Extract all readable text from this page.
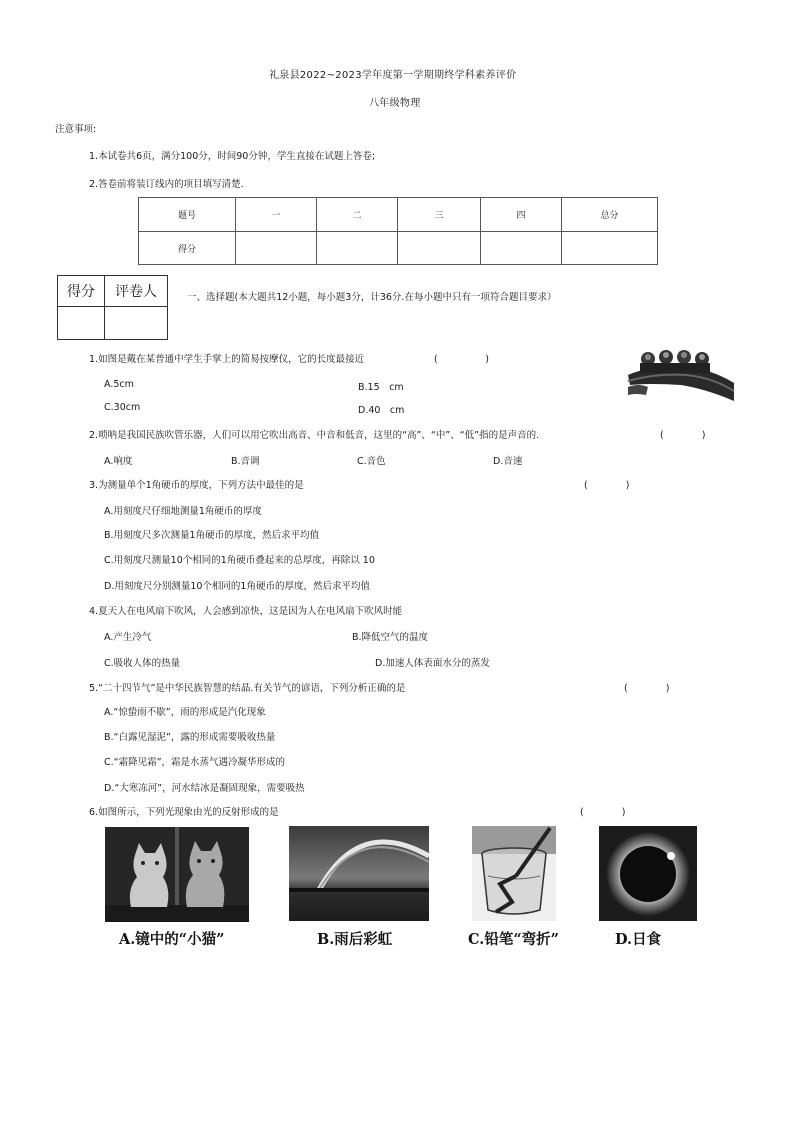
礼泉县2022~2023学年度第一学期期终学科素养评价
八年级物理
注意事项:
1.本试卷共6页，满分100分，时间90分钟，学生直接在试题上答卷;
2.答卷前将装订线内的项目填写清楚.
题号	一	二	三	四	总分
得分					
得分	评卷人
		一、选择题(本大题共12小题，每小题3分，计36分.在每小题中只有一项符合题目要求）
1.如图是戴在某普通中学生手掌上的简易按摩仪，它的长度最接近	(　　　　　)
A.5cm	B.15　cm
C.30cm	D.40　cm
2.唢呐是我国民族吹管乐器，人们可以用它吹出高音、中音和低音，这里的“高”、“中”、“低”指的是声音的.	(　　　　)
A.响度	B.音调	C.音色	D.音速
3.为测量单个1角硬币的厚度，下列方法中最佳的是	(　　　　)
A.用刻度尺仔细地测量1角硬币的厚度
B.用刻度尺多次测量1角硬币的厚度，然后求平均值
C.用刻度尺测量10个相同的1角硬币叠起来的总厚度，再除以 10
D.用刻度尺分别测量10个相同的1角硬币的厚度，然后求平均值
4.夏天人在电风扇下吹风，人会感到凉快，这是因为人在电风扇下吹风时能
A.产生冷气	B.降低空气的温度
C.吸收人体的热量	D.加速人体表面水分的蒸发
5.“二十四节气”是中华民族智慧的结晶.有关节气的谚语，下列分析正确的是	(　　　　)
A.“惊蛰雨不歇”，雨的形成是汽化现象
B.“白露见湿泥”，露的形成需要吸收热量
C.“霜降见霜”，霜是水蒸气遇冷凝华形成的
D.“大寒冻河”，河水结冰是凝固现象，需要吸热
6.如图所示，下列光现象由光的反射形成的是	(　　　　)
A.镜中的“小猫”	B.雨后彩虹	C.铅笔“弯折”	D.日食
